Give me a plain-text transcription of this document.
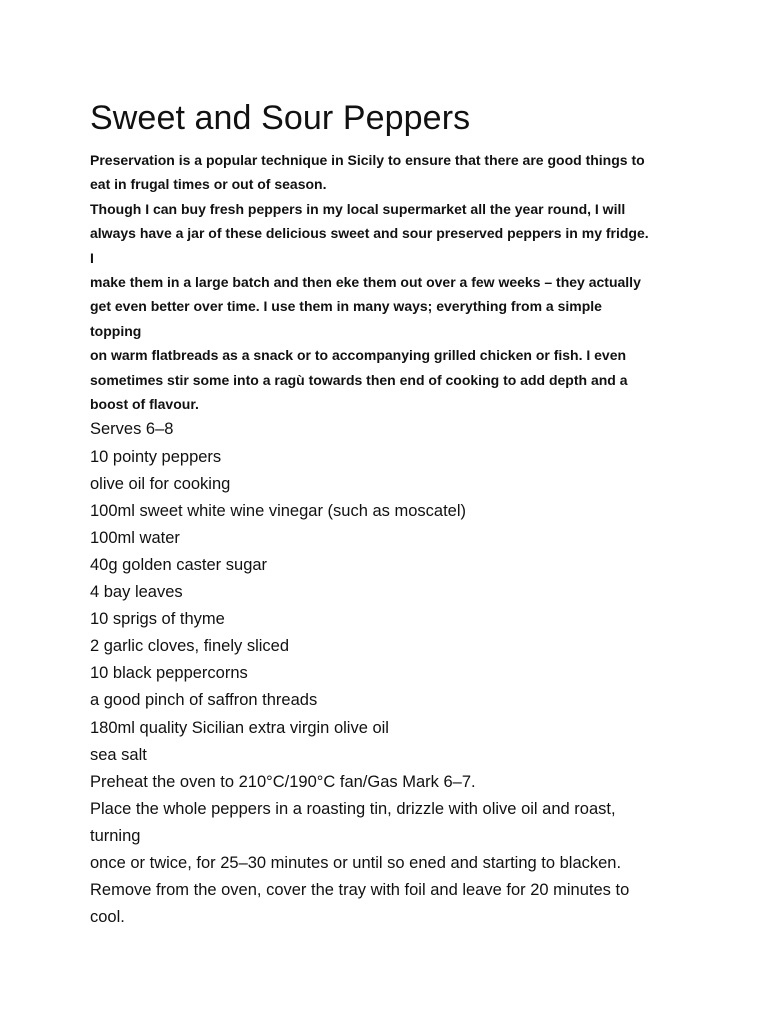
Sweet and Sour Peppers

Preservation is a popular technique in Sicily to ensure that there are good things to

eat in frugal times or out of season.

Though I can buy fresh peppers in my local supermarket all the year round, I will

always have a jar of these delicious sweet and sour preserved peppers in my fridge.

I

make them in a large batch and then eke them out over a few weeks – they actually

get even better over time. I use them in many ways; everything from a simple

topping

on warm flatbreads as a snack or to accompanying grilled chicken or fish. I even

sometimes stir some into a ragù towards then end of cooking to add depth and a

boost of flavour.

Serves 6–8

10 pointy peppers

olive oil for cooking

100ml sweet white wine vinegar (such as moscatel)

100ml water

40g golden caster sugar

4 bay leaves

10 sprigs of thyme

2 garlic cloves, finely sliced

10 black peppercorns

a good pinch of saffron threads

180ml quality Sicilian extra virgin olive oil

sea salt

Preheat the oven to 210°C/190°C fan/Gas Mark 6–7.

Place the whole peppers in a roasting tin, drizzle with olive oil and roast,

turning

once or twice, for 25–30 minutes or until so ened and starting to blacken.

Remove from the oven, cover the tray with foil and leave for 20 minutes to

cool.
